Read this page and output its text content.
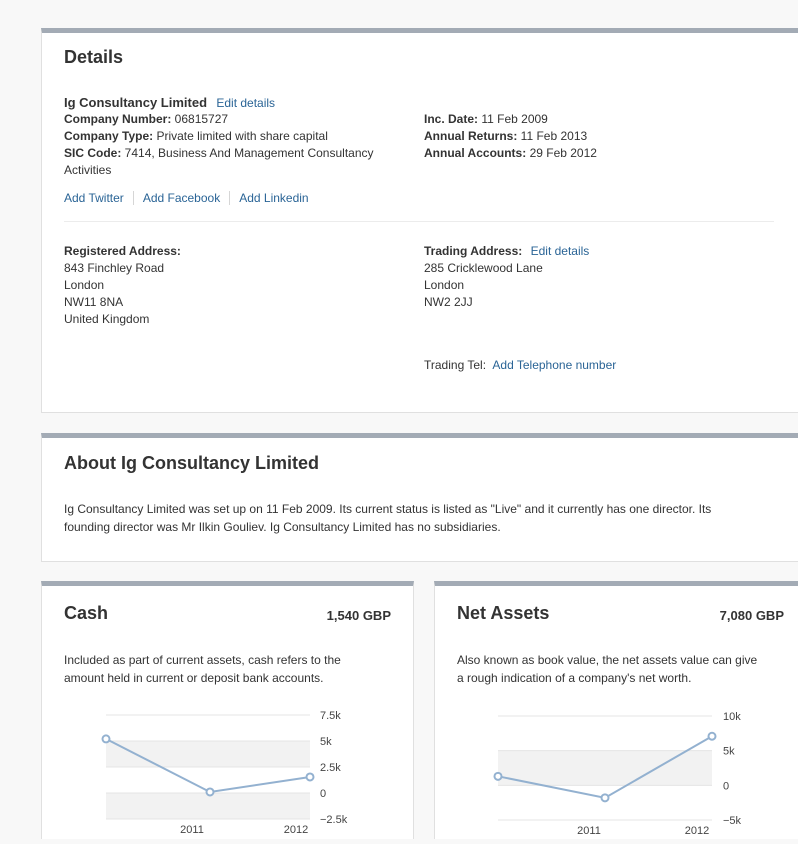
Details
Ig Consultancy Limited Edit details
Company Number: 06815727
Company Type: Private limited with share capital
SIC Code: 7414, Business And Management Consultancy
Activities
Inc. Date: 11 Feb 2009
Annual Returns: 11 Feb 2013
Annual Accounts: 29 Feb 2012
Add Twitter Add Facebook Add Linkedin
Registered Address:
843 Finchley Road
London
NW11 8NA
United Kingdom
Trading Address: Edit details
285 Cricklewood Lane
London
NW2 2JJ
Trading Tel: Add Telephone number
About Ig Consultancy Limited
Ig Consultancy Limited was set up on 11 Feb 2009. Its current status is listed as "Live" and it currently has one director. Its
founding director was Mr Ilkin Gouliev. Ig Consultancy Limited has no subsidiaries.
Cash	1,540 GBP
Included as part of current assets, cash refers to the
amount held in current or deposit bank accounts.
7.5k
5k
2.5k
0
−2.5k
2011	2012
Net Assets	7,080 GBP
Also known as book value, the net assets value can give
a rough indication of a company's net worth.
10k
5k
0
−5k
2011	2012
